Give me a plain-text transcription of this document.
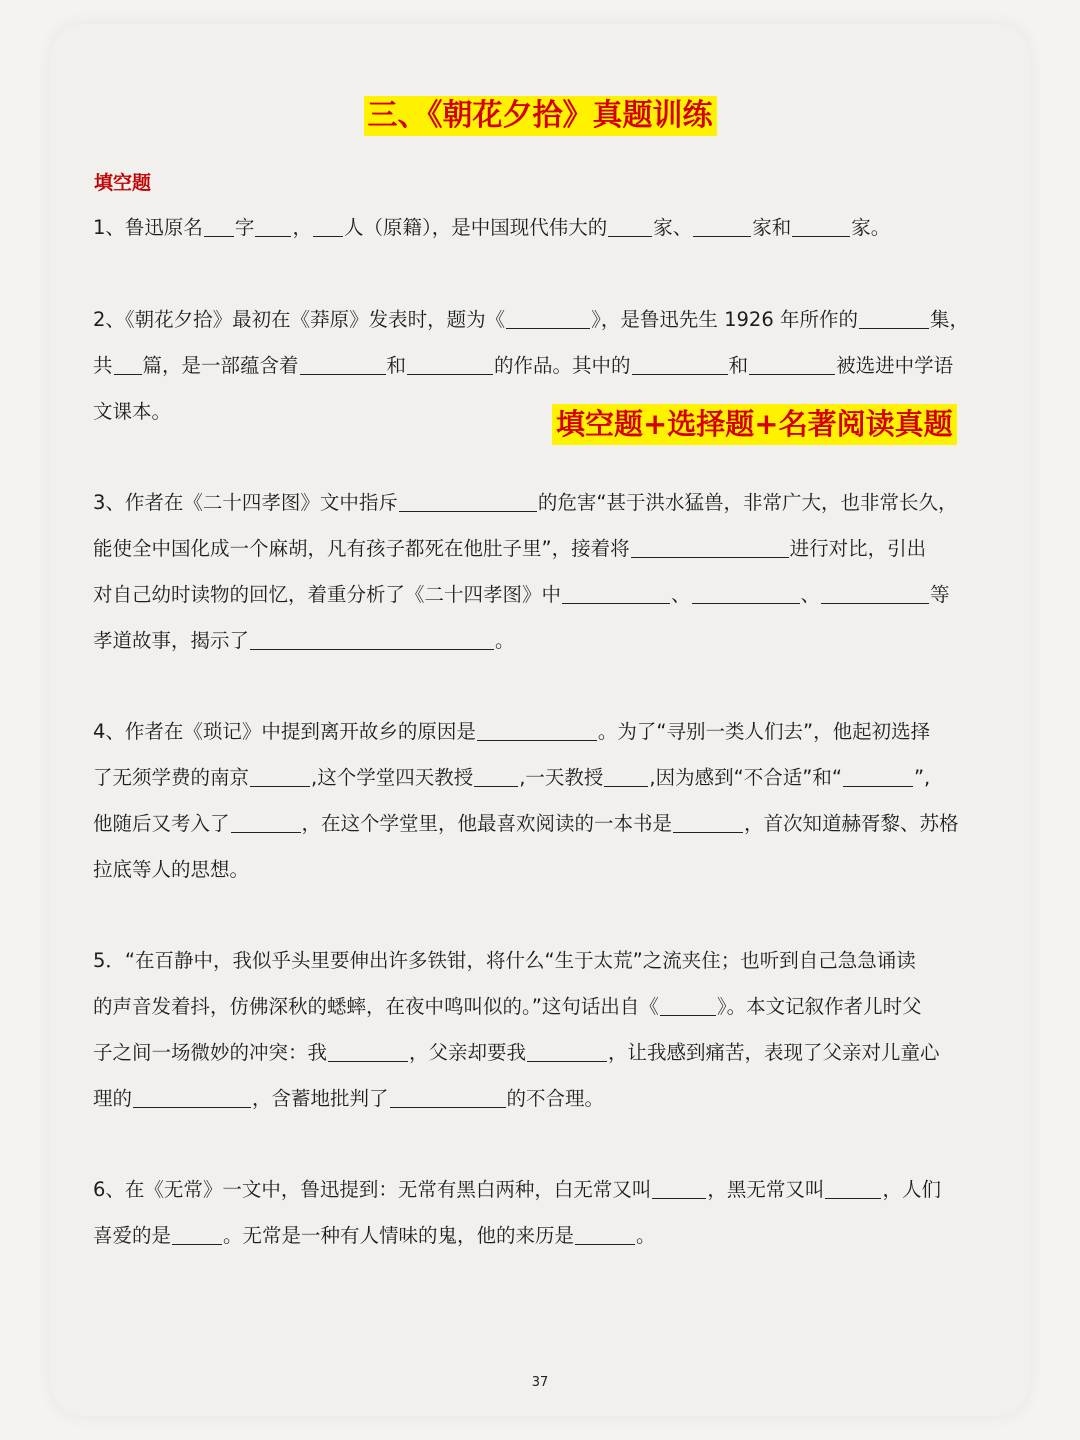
三、《朝花夕拾》真题训练
填空题

1、鲁迅原名 字 ， 人（原籍），是中国现代伟大的 家、	家和	家。

2、《朝花夕拾》最初在《莽原》发表时，题为《	》，是鲁迅先生 1926 年所作的	集，
共 篇，是一部蕴含着	和	的作品。其中的	和	被选进中学语
文课本。	填空题+选择题+名著阅读真题

3、作者在《二十四孝图》文中指斥	的危害“甚于洪水猛兽，非常广大，也非常长久，
能使全中国化成一个麻胡，凡有孩子都死在他肚子里”，接着将	进行对比，引出
对自己幼时读物的回忆，着重分析了《二十四孝图》中	、	、	等
孝道故事，揭示了	。

4、作者在《琐记》中提到离开故乡的原因是	。为了“寻别一类人们去”，他起初选择
了无须学费的南京	,这个学堂四天教授 ,一天教授 ,因为感到“不合适”和“	”,
他随后又考入了	，在这个学堂里，他最喜欢阅读的一本书是	，首次知道赫胥黎、苏格
拉底等人的思想。

5．“在百静中，我似乎头里要伸出许多铁钳，将什么“生于太荒”之流夹住；也听到自己急急诵读
的声音发着抖，仿佛深秋的蟋蟀，在夜中鸣叫似的。”这句话出自《	》。本文记叙作者儿时父
子之间一场微妙的冲突：我	，父亲却要我	，让我感到痛苦，表现了父亲对儿童心
理的	，含蓄地批判了	的不合理。

6、在《无常》一文中，鲁迅提到：无常有黑白两种，白无常又叫	，黑无常又叫	，人们
喜爱的是	。无常是一种有人情味的鬼，他的来历是	。

37
